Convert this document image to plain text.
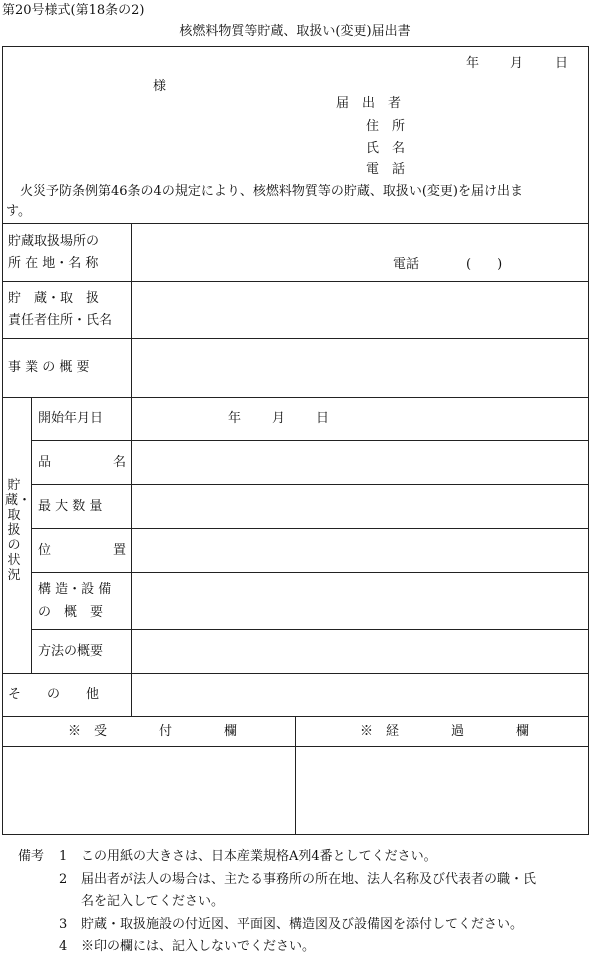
第20号様式(第18条の2)
核燃料物質等貯蔵、取扱い(変更)届出書
年 月 日
様
届　出　者
住　所
氏　名
電　話
火災予防条例第46条の4の規定により、核燃料物質等の貯蔵、取扱い(変更)を届け出ま
す。
貯蔵取扱場所の
所 在 地・名 称	電話	(　　)
貯　蔵・取　扱
責任者住所・氏名
事 業 の 概 要
貯蔵・取扱の状況
開始年月日	年 月 日
品	名
最 大 数 量
位	置
構 造・設 備
の　概　要
方法の概要
そ　　の　　他
※　受　　　　付　　　　欄	※　経　　　　過　　　　欄
備考 1 この用紙の大きさは、日本産業規格A列4番としてください。
2 届出者が法人の場合は、主たる事務所の所在地、法人名称及び代表者の職・氏
名を記入してください。
3 貯蔵・取扱施設の付近図、平面図、構造図及び設備図を添付してください。
4 ※印の欄には、記入しないでください。
